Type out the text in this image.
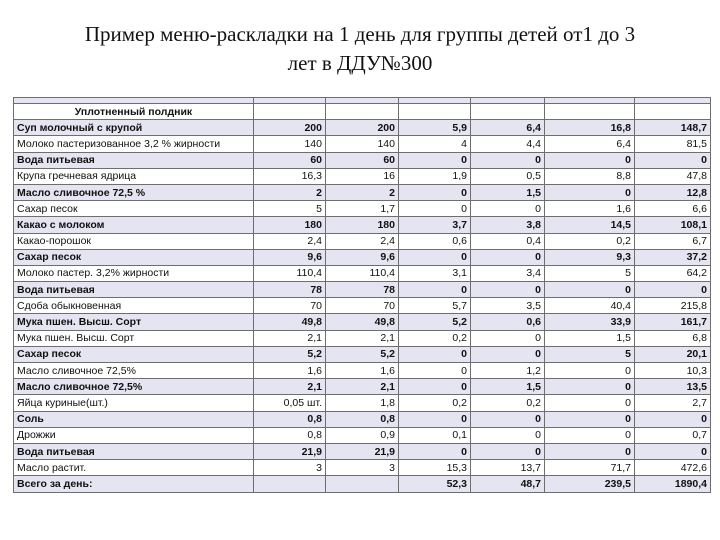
Пример меню-раскладки на 1 день для группы детей от1 до 3
лет в ДДУ№300

Уплотненный полдник						
Суп молочный с крупой	200	200	5,9	6,4	16,8	148,7
Молоко пастеризованное 3,2 % жирности	140	140	4	4,4	6,4	81,5
Вода питьевая	60	60	0	0	0	0
Крупа гречневая ядрица	16,3	16	1,9	0,5	8,8	47,8
Масло сливочное 72,5 %	2	2	0	1,5	0	12,8
Сахар песок	5	1,7	0	0	1,6	6,6
Какао с молоком	180	180	3,7	3,8	14,5	108,1
Какао-порошок	2,4	2,4	0,6	0,4	0,2	6,7
Сахар песок	9,6	9,6	0	0	9,3	37,2
Молоко пастер. 3,2% жирности	110,4	110,4	3,1	3,4	5	64,2
Вода питьевая	78	78	0	0	0	0
Сдоба обыкновенная	70	70	5,7	3,5	40,4	215,8
Мука пшен. Высш. Сорт	49,8	49,8	5,2	0,6	33,9	161,7
Мука пшен. Высш. Сорт	2,1	2,1	0,2	0	1,5	6,8
Сахар песок	5,2	5,2	0	0	5	20,1
Масло сливочное 72,5%	1,6	1,6	0	1,2	0	10,3
Масло сливочное 72,5%	2,1	2,1	0	1,5	0	13,5
Яйца куриные(шт.)	0,05 шт.	1,8	0,2	0,2	0	2,7
Соль	0,8	0,8	0	0	0	0
Дрожжи	0,8	0,9	0,1	0	0	0,7
Вода питьевая	21,9	21,9	0	0	0	0
Масло растит.	3	3	15,3	13,7	71,7	472,6
Всего за день:			52,3	48,7	239,5	1890,4
